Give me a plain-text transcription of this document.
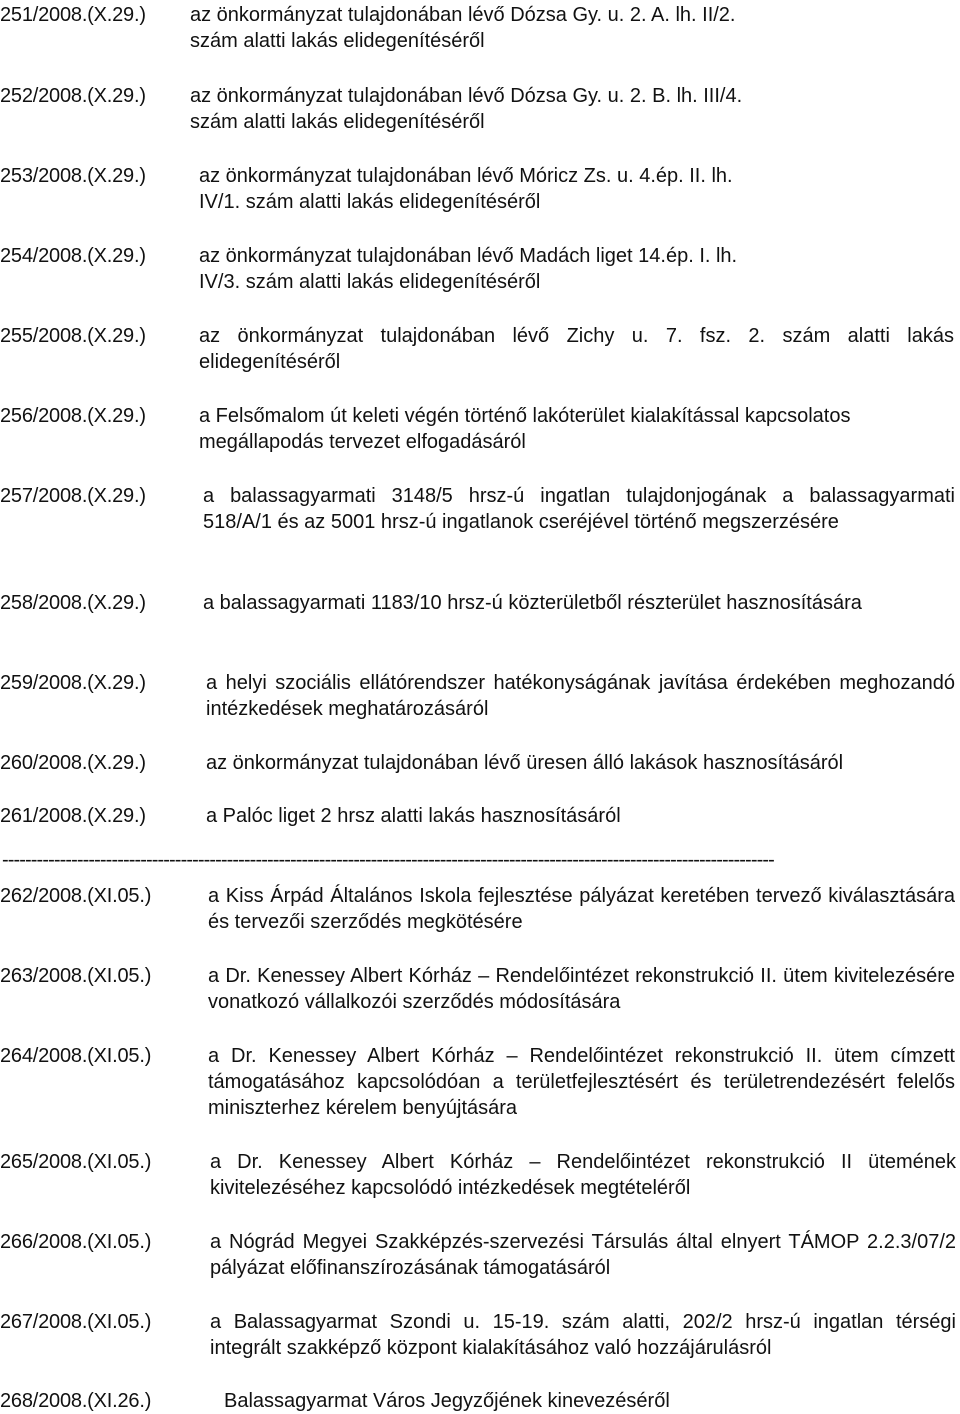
251/2008.(X.29.) az önkormányzat tulajdonában lévő Dózsa Gy. u. 2. A. lh. II/2. szám alatti lakás elidegenítéséről
252/2008.(X.29.) az önkormányzat tulajdonában lévő Dózsa Gy. u. 2. B. lh. III/4. szám alatti lakás elidegenítéséről
253/2008.(X.29.)	az önkormányzat tulajdonában lévő Móricz Zs. u. 4.ép. II. lh. IV/1. szám alatti lakás elidegenítéséről
254/2008.(X.29.)	az önkormányzat tulajdonában lévő Madách liget 14.ép. I. lh. IV/3. szám alatti lakás elidegenítéséről
255/2008.(X.29.)	az önkormányzat tulajdonában lévő Zichy u. 7. fsz. 2. szám alatti lakás elidegenítéséről
256/2008.(X.29.)	a Felsőmalom út keleti végén történő lakóterület kialakítással kapcsolatos megállapodás tervezet elfogadásáról
257/2008.(X.29.)	a balassagyarmati 3148/5 hrsz-ú ingatlan tulajdonjogának a balassagyarmati 518/A/1 és az 5001 hrsz-ú ingatlanok cseréjével történő megszerzésére
258/2008.(X.29.)	a balassagyarmati 1183/10 hrsz-ú közterületből részterület hasznosítására
259/2008.(X.29.)	a helyi szociális ellátórendszer hatékonyságának javítása érdekében meghozandó intézkedések meghatározásáról
260/2008.(X.29.)	az önkormányzat tulajdonában lévő üresen álló lakások hasznosításáról
261/2008.(X.29.)	a Palóc liget 2 hrsz alatti lakás hasznosításáról
--------------------------------------------------------------------------------------------------------------------------------------
262/2008.(XI.05.)	a Kiss Árpád Általános Iskola fejlesztése pályázat keretében tervező kiválasztására és tervezői szerződés megkötésére
263/2008.(XI.05.)	a Dr. Kenessey Albert Kórház – Rendelőintézet rekonstrukció II. ütem kivitelezésére vonatkozó vállalkozói szerződés módosítására
264/2008.(XI.05.)	a Dr. Kenessey Albert Kórház – Rendelőintézet rekonstrukció II. ütem címzett támogatásához kapcsolódóan a területfejlesztésért és területrendezésért felelős miniszterhez kérelem benyújtására
265/2008.(XI.05.)	a Dr. Kenessey Albert Kórház – Rendelőintézet rekonstrukció II ütemének kivitelezéséhez kapcsolódó intézkedések megtételéről
266/2008.(XI.05.)	a Nógrád Megyei Szakképzés-szervezési Társulás által elnyert TÁMOP 2.2.3/07/2 pályázat előfinanszírozásának támogatásáról
267/2008.(XI.05.)	a Balassagyarmat Szondi u. 15-19. szám alatti, 202/2 hrsz-ú ingatlan térségi integrált szakképző központ kialakításához való hozzájárulásról
268/2008.(XI.26.)	Balassagyarmat Város Jegyzőjének kinevezéséről
